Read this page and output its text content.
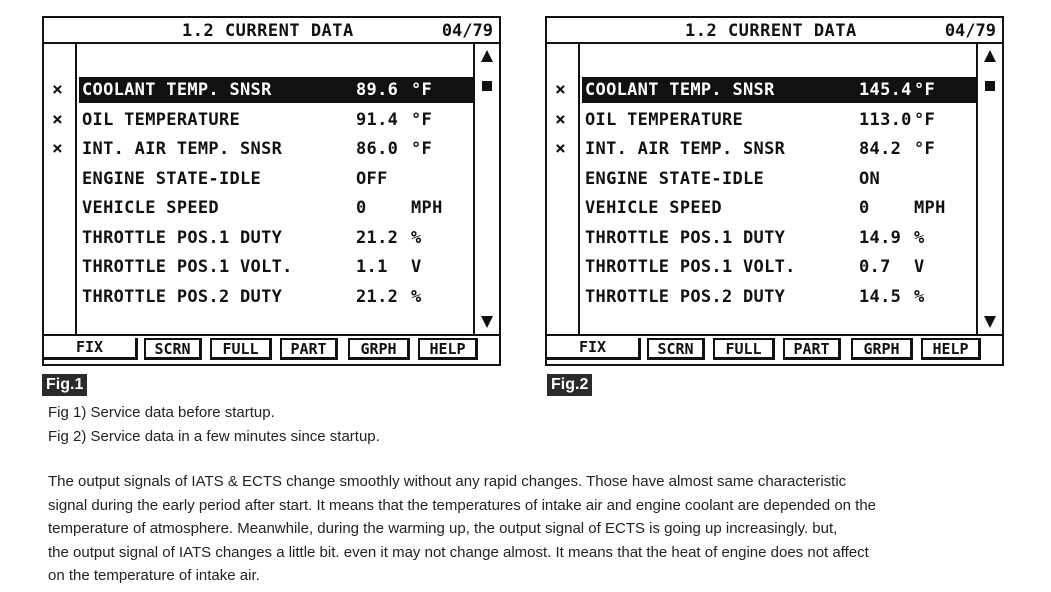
1.2 CURRENT DATA	04/79
× COOLANT TEMP. SNSR	89.6 °F
× OIL TEMPERATURE	91.4 °F
× INT. AIR TEMP. SNSR	86.0 °F
ENGINE STATE-IDLE	OFF
VEHICLE SPEED	0	MPH
THROTTLE POS.1 DUTY	21.2 %
THROTTLE POS.1 VOLT.	1.1 V
THROTTLE POS.2 DUTY	21.2 %
FIX	SCRN	FULL	PART	GRPH	HELP
1.2 CURRENT DATA	04/79
× COOLANT TEMP. SNSR	145.4 °F
× OIL TEMPERATURE	113.0 °F
× INT. AIR TEMP. SNSR	84.2 °F
ENGINE STATE-IDLE	ON
VEHICLE SPEED	0	MPH
THROTTLE POS.1 DUTY	14.9 %
THROTTLE POS.1 VOLT.	0.7 V
THROTTLE POS.2 DUTY	14.5 %
FIX	SCRN	FULL	PART	GRPH	HELP
Fig.1	Fig.2
Fig 1) Service data before startup.
Fig 2) Service data in a few minutes since startup.
The output signals of IATS & ECTS change smoothly without any rapid changes. Those have almost same characteristic
signal during the early period after start. It means that the temperatures of intake air and engine coolant are depended on the
temperature of atmosphere. Meanwhile, during the warming up, the output signal of ECTS is going up increasingly. but,
the output signal of IATS changes a little bit. even it may not change almost. It means that the heat of engine does not affect
on the temperature of intake air.
